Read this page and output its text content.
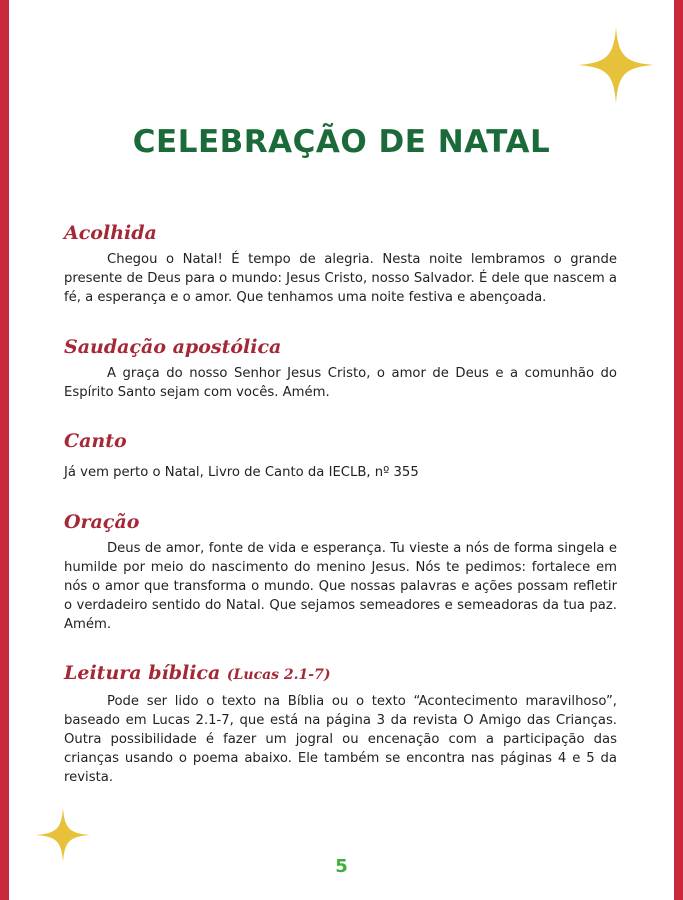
CELEBRAÇÃO DE NATAL
Acolhida

Chegou o Natal! É tempo de alegria. Nesta noite lembramos o grande presente de Deus para o mundo: Jesus Cristo, nosso Salvador. É dele que nascem a fé, a esperança e o amor. Que tenhamos uma noite festiva e abençoada.

Saudação apostólica

A graça do nosso Senhor Jesus Cristo, o amor de Deus e a comunhão do Espírito Santo sejam com vocês. Amém.

Canto

Já vem perto o Natal, Livro de Canto da IECLB, nº 355

Oração

Deus de amor, fonte de vida e esperança. Tu vieste a nós de forma singela e humilde por meio do nascimento do menino Jesus. Nós te pedimos: fortalece em nós o amor que transforma o mundo. Que nossas palavras e ações possam refletir o verdadeiro sentido do Natal. Que sejamos semeadores e semeadoras da tua paz. Amém.

Leitura bíblica (Lucas 2.1-7)

Pode ser lido o texto na Bíblia ou o texto “Acontecimento maravilhoso”, baseado em Lucas 2.1-7, que está na página 3 da revista O Amigo das Crianças. Outra possibilidade é fazer um jogral ou encenação com a participação das crianças usando o poema abaixo. Ele também se encontra nas páginas 4 e 5 da revista.

5
